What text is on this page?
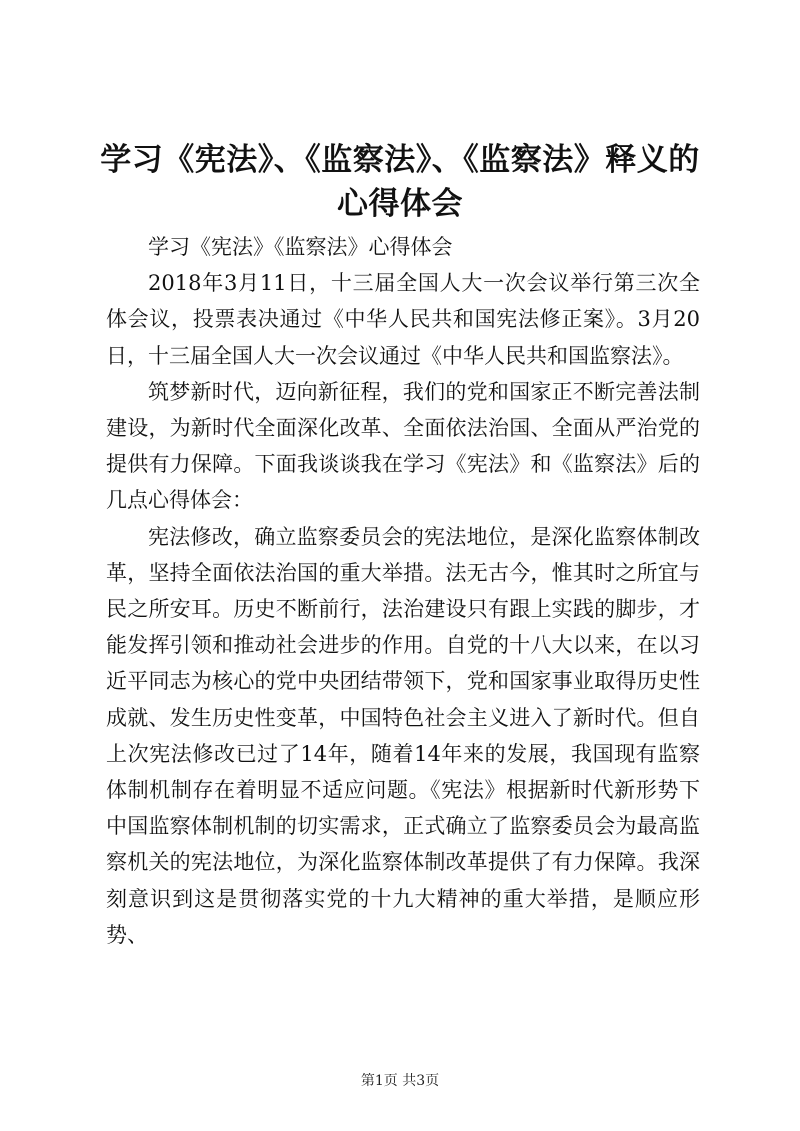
学习《宪法》、《监察法》、《监察法》释义的心得体会

学习《宪法》《监察法》心得体会

2018年3月11日，十三届全国人大一次会议举行第三次全体会议，投票表决通过《中华人民共和国宪法修正案》。3月20日，十三届全国人大一次会议通过《中华人民共和国监察法》。

筑梦新时代，迈向新征程，我们的党和国家正不断完善法制建设，为新时代全面深化改革、全面依法治国、全面从严治党的提供有力保障。下面我谈谈我在学习《宪法》和《监察法》后的几点心得体会：

宪法修改，确立监察委员会的宪法地位，是深化监察体制改革，坚持全面依法治国的重大举措。法无古今，惟其时之所宜与民之所安耳。历史不断前行，法治建设只有跟上实践的脚步，才能发挥引领和推动社会进步的作用。自党的十八大以来，在以习近平同志为核心的党中央团结带领下，党和国家事业取得历史性成就、发生历史性变革，中国特色社会主义进入了新时代。但自上次宪法修改已过了14年，随着14年来的发展，我国现有监察体制机制存在着明显不适应问题。《宪法》根据新时代新形势下中国监察体制机制的切实需求，正式确立了监察委员会为最高监察机关的宪法地位，为深化监察体制改革提供了有力保障。我深刻意识到这是贯彻落实党的十九大精神的重大举措，是顺应形势、

第1页 共3页
